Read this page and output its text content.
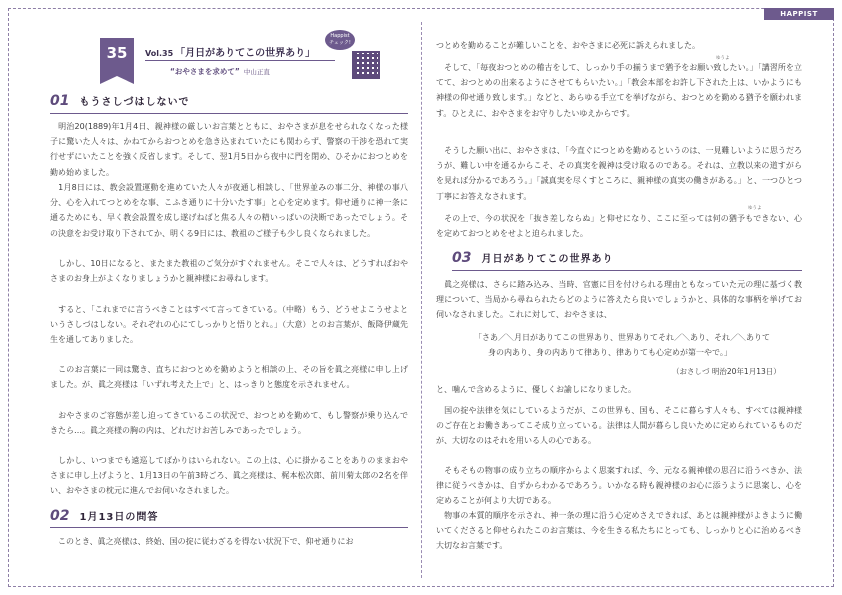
HAPPIST
35	Vol.35 「月日がありてこの世界あり」
“おやさまを求めて” 中山正直
Happist
チェック!
01 もうさしづはしないで
　明治20(1889)年1月4日、親神様の厳しいお言葉とともに、おやさまが息をせられなくなった様子に驚いた人々は、かねてからおつとめを急き込まれていたにも関わらず、警察の干渉を恐れて実行せずにいたことを強く反省します。そして、翌1月5日から夜中に門を閉め、ひそかにおつとめを勤め始めました。
　1月8日には、教会設置運動を進めていた人々が夜通し相談し、「世界並みの事二分、神様の事八分、心を入れてつとめをな事、こふき通りに十分いたす事」と心を定めます。仰せ通りに神一条に通るためにも、早く教会設置を成し遂げねばと焦る人々の精いっぱいの決断であったでしょう。その決意をお受け取り下されてか、明くる9日には、教祖のご様子も少し良くなられました。
　しかし、10日になると、またまた教祖のご気分がすぐれません。そこで人々は、どうすればおやさまのお身上がよくなりましょうかと親神様にお尋ねします。
　すると、「これまでに言うべきことはすべて言ってきている。（中略）もう、どうせよこうせよというさしづはしない。それぞれの心にてしっかりと悟りとれ。」（大意）とのお言葉が、飯降伊蔵先生を通してありました。
　このお言葉に一同は驚き、直ちにおつとめを勤めようと相談の上、その旨を眞之亮様に申し上げました。が、眞之亮様は「いずれ考えた上で」と、はっきりと態度を示されません。
　おやさまのご容態が差し迫ってきているこの状況で、おつとめを勤めて、もし警察が乗り込んできたら…。眞之亮様の胸の内は、どれだけお苦しみであったでしょう。
　しかし、いつまでも遠巡してばかりはいられない。この上は、心に掛かることをありのままおやさまに申し上げようと、1月13日の午前3時ごろ、眞之亮様は、梶本松次郎、前川菊太郎の2名を伴い、おやさまの枕元に進んでお伺いなされました。
02 1月13日の問答
　このとき、眞之亮様は、終始、国の掟に従わざるを得ない状況下で、仰せ通りにお
つとめを勤めることが難しいことを、おやさまに必死に訴えられました。
ゆうよ
　そして、「毎夜おつとめの稽古をして、しっかり手の揃うまで猶予をお願い致したい。」「講習所を立てて、おつとめの出来るようにさせてもらいたい。」「教会本部をお許し下された上は、いかようにも神様の仰せ通り致します。」などと、あらゆる手立てを挙げながら、おつとめを勤める猶予を願われます。ひとえに、おやさまをお守りしたいゆえからです。
　そうした願い出に、おやさまは、「今直ぐにつとめを勤めるというのは、一見難しいように思うだろうが、難しい中を通るからこそ、その真実を親神は受け取るのである。それは、立教以来の道すがらを見れば分かるであろう。」「誠真実を尽くすところに、親神様の真実の働きがある。」と、一つひとつ丁寧にお答えなされます。
ゆうよ
　その上で、今の状況を「抜き差しならぬ」と仰せになり、ここに至っては何の猶予もできない、心を定めておつとめをせよと迫られました。
03 月日がありてこの世界あり
　眞之亮様は、さらに踏み込み、当時、官憲に目を付けられる理由ともなっていた元の理に基づく教理について、当局から尋ねられたらどのように答えたら良いでしょうかと、具体的な事柄を挙げてお伺いなされました。これに対して、おやさまは、
「さあ／＼月日がありてこの世界あり、世界ありてそれ／＼あり、それ／＼ありて
身の内あり、身の内ありて律あり、律ありても心定めが第一やで。」
（おさしづ 明治20年1月13日）
と、噛んで含めるように、優しくお諭しになりました。
　国の掟や法律を気にしているようだが、この世界も、国も、そこに暮らす人々も、すべては親神様のご存在とお働きあってこそ成り立っている。法律は人間が暮らし良いために定められているものだが、大切なのはそれを用いる人の心である。
　そもそもの物事の成り立ちの順序からよく思案すれば、今、元なる親神様の思召に沿うべきか、法律に従うべきかは、自ずからわかるであろう。いかなる時も親神様のお心に添うように思案し、心を定めることが何より大切である。
　物事の本質的順序を示され、神一条の理に沿う心定めさえできれば、あとは親神様がよきように働いてくださると仰せられたこのお言葉は、今を生きる私たちにとっても、しっかりと心に治めるべき大切なお言葉です。
